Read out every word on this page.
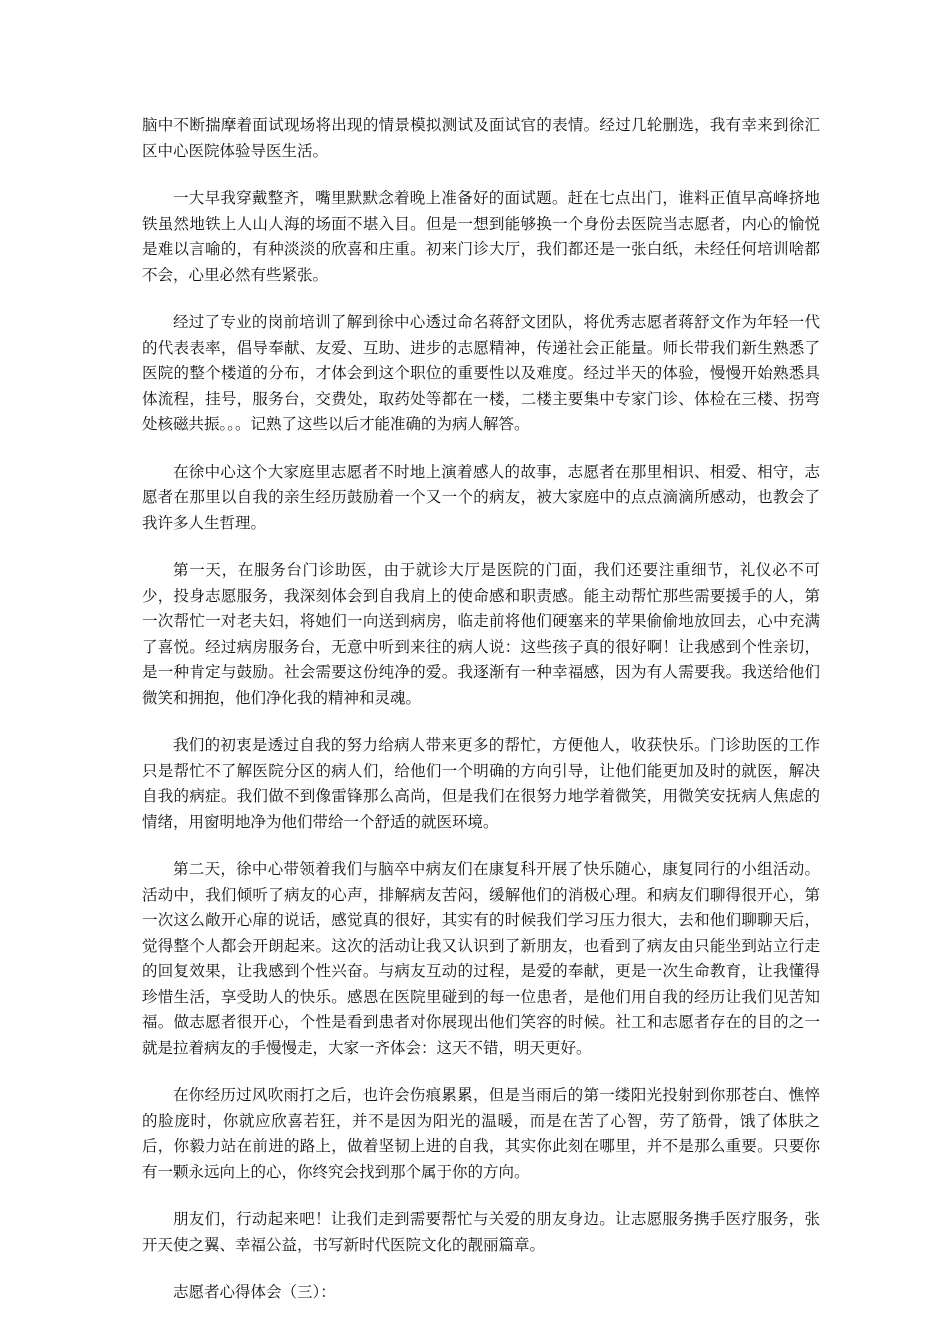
脑中不断揣摩着面试现场将出现的情景模拟测试及面试官的表情。经过几轮删选，我有幸来到徐汇区中心医院体验导医生活。

一大早我穿戴整齐，嘴里默默念着晚上准备好的面试题。赶在七点出门，谁料正值早高峰挤地铁虽然地铁上人山人海的场面不堪入目。但是一想到能够换一个身份去医院当志愿者，内心的愉悦是难以言喻的，有种淡淡的欣喜和庄重。初来门诊大厅，我们都还是一张白纸，未经任何培训啥都不会，心里必然有些紧张。

经过了专业的岗前培训了解到徐中心透过命名蒋舒文团队，将优秀志愿者蒋舒文作为年轻一代的代表表率，倡导奉献、友爱、互助、进步的志愿精神，传递社会正能量。师长带我们新生熟悉了医院的整个楼道的分布，才体会到这个职位的重要性以及难度。经过半天的体验，慢慢开始熟悉具体流程，挂号，服务台，交费处，取药处等都在一楼，二楼主要集中专家门诊、体检在三楼、拐弯处核磁共振。。。记熟了这些以后才能准确的为病人解答。

在徐中心这个大家庭里志愿者不时地上演着感人的故事，志愿者在那里相识、相爱、相守，志愿者在那里以自我的亲生经历鼓励着一个又一个的病友，被大家庭中的点点滴滴所感动，也教会了我许多人生哲理。

第一天，在服务台门诊助医，由于就诊大厅是医院的门面，我们还要注重细节，礼仪必不可少，投身志愿服务，我深刻体会到自我肩上的使命感和职责感。能主动帮忙那些需要援手的人，第一次帮忙一对老夫妇，将她们一向送到病房，临走前将他们硬塞来的苹果偷偷地放回去，心中充满了喜悦。经过病房服务台，无意中听到来往的病人说：这些孩子真的很好啊！让我感到个性亲切，是一种肯定与鼓励。社会需要这份纯净的爱。我逐渐有一种幸福感，因为有人需要我。我送给他们微笑和拥抱，他们净化我的精神和灵魂。

我们的初衷是透过自我的努力给病人带来更多的帮忙，方便他人，收获快乐。门诊助医的工作只是帮忙不了解医院分区的病人们，给他们一个明确的方向引导，让他们能更加及时的就医，解决自我的病症。我们做不到像雷锋那么高尚，但是我们在很努力地学着微笑，用微笑安抚病人焦虑的情绪，用窗明地净为他们带给一个舒适的就医环境。

第二天，徐中心带领着我们与脑卒中病友们在康复科开展了快乐随心，康复同行的小组活动。活动中，我们倾听了病友的心声，排解病友苦闷，缓解他们的消极心理。和病友们聊得很开心，第一次这么敞开心扉的说话，感觉真的很好，其实有的时候我们学习压力很大，去和他们聊聊天后，觉得整个人都会开朗起来。这次的活动让我又认识到了新朋友，也看到了病友由只能坐到站立行走的回复效果，让我感到个性兴奋。与病友互动的过程，是爱的奉献，更是一次生命教育，让我懂得珍惜生活，享受助人的快乐。感恩在医院里碰到的每一位患者，是他们用自我的经历让我们见苦知福。做志愿者很开心，个性是看到患者对你展现出他们笑容的时候。社工和志愿者存在的目的之一就是拉着病友的手慢慢走，大家一齐体会：这天不错，明天更好。

在你经历过风吹雨打之后，也许会伤痕累累，但是当雨后的第一缕阳光投射到你那苍白、憔悴的脸庞时，你就应欣喜若狂，并不是因为阳光的温暖，而是在苦了心智，劳了筋骨，饿了体肤之后，你毅力站在前进的路上，做着坚韧上进的自我，其实你此刻在哪里，并不是那么重要。只要你有一颗永远向上的心，你终究会找到那个属于你的方向。

朋友们，行动起来吧！让我们走到需要帮忙与关爱的朋友身边。让志愿服务携手医疗服务，张开天使之翼、幸福公益，书写新时代医院文化的靓丽篇章。

志愿者心得体会（三）：
